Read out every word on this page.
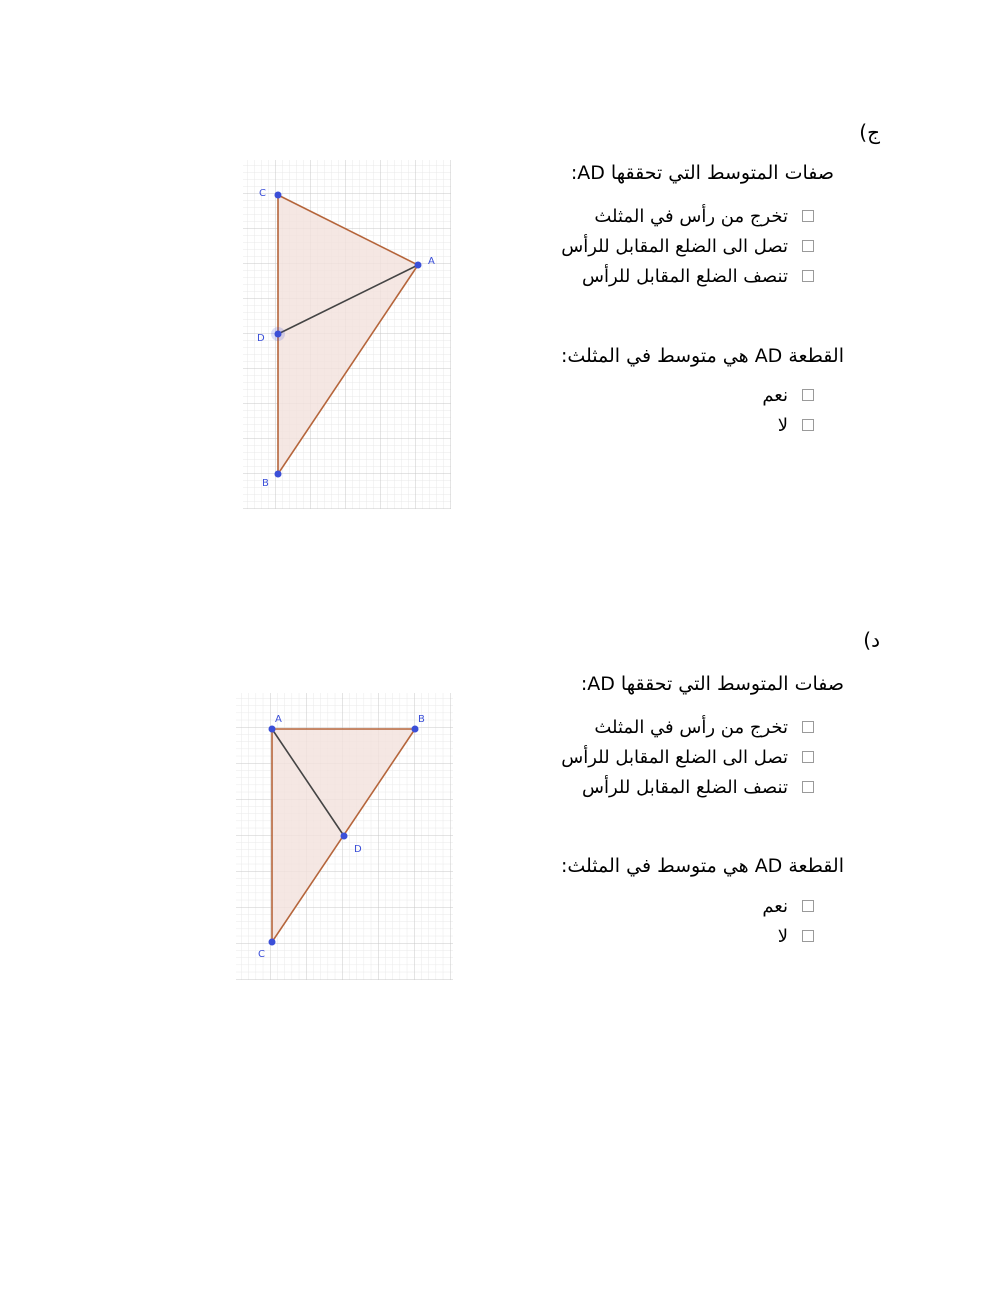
ج)
C
A
D
B
صفات المتوسط التي تحققها AD:
تخرج من رأس في المثلث
تصل الى الضلع المقابل للرأس
تنصف الضلع المقابل للرأس
القطعة AD هي متوسط في المثلث:
نعم
لا
د)
A	B
D
C
صفات المتوسط التي تحققها AD:
تخرج من رأس في المثلث
تصل الى الضلع المقابل للرأس
تنصف الضلع المقابل للرأس
القطعة AD هي متوسط في المثلث:
نعم
لا
